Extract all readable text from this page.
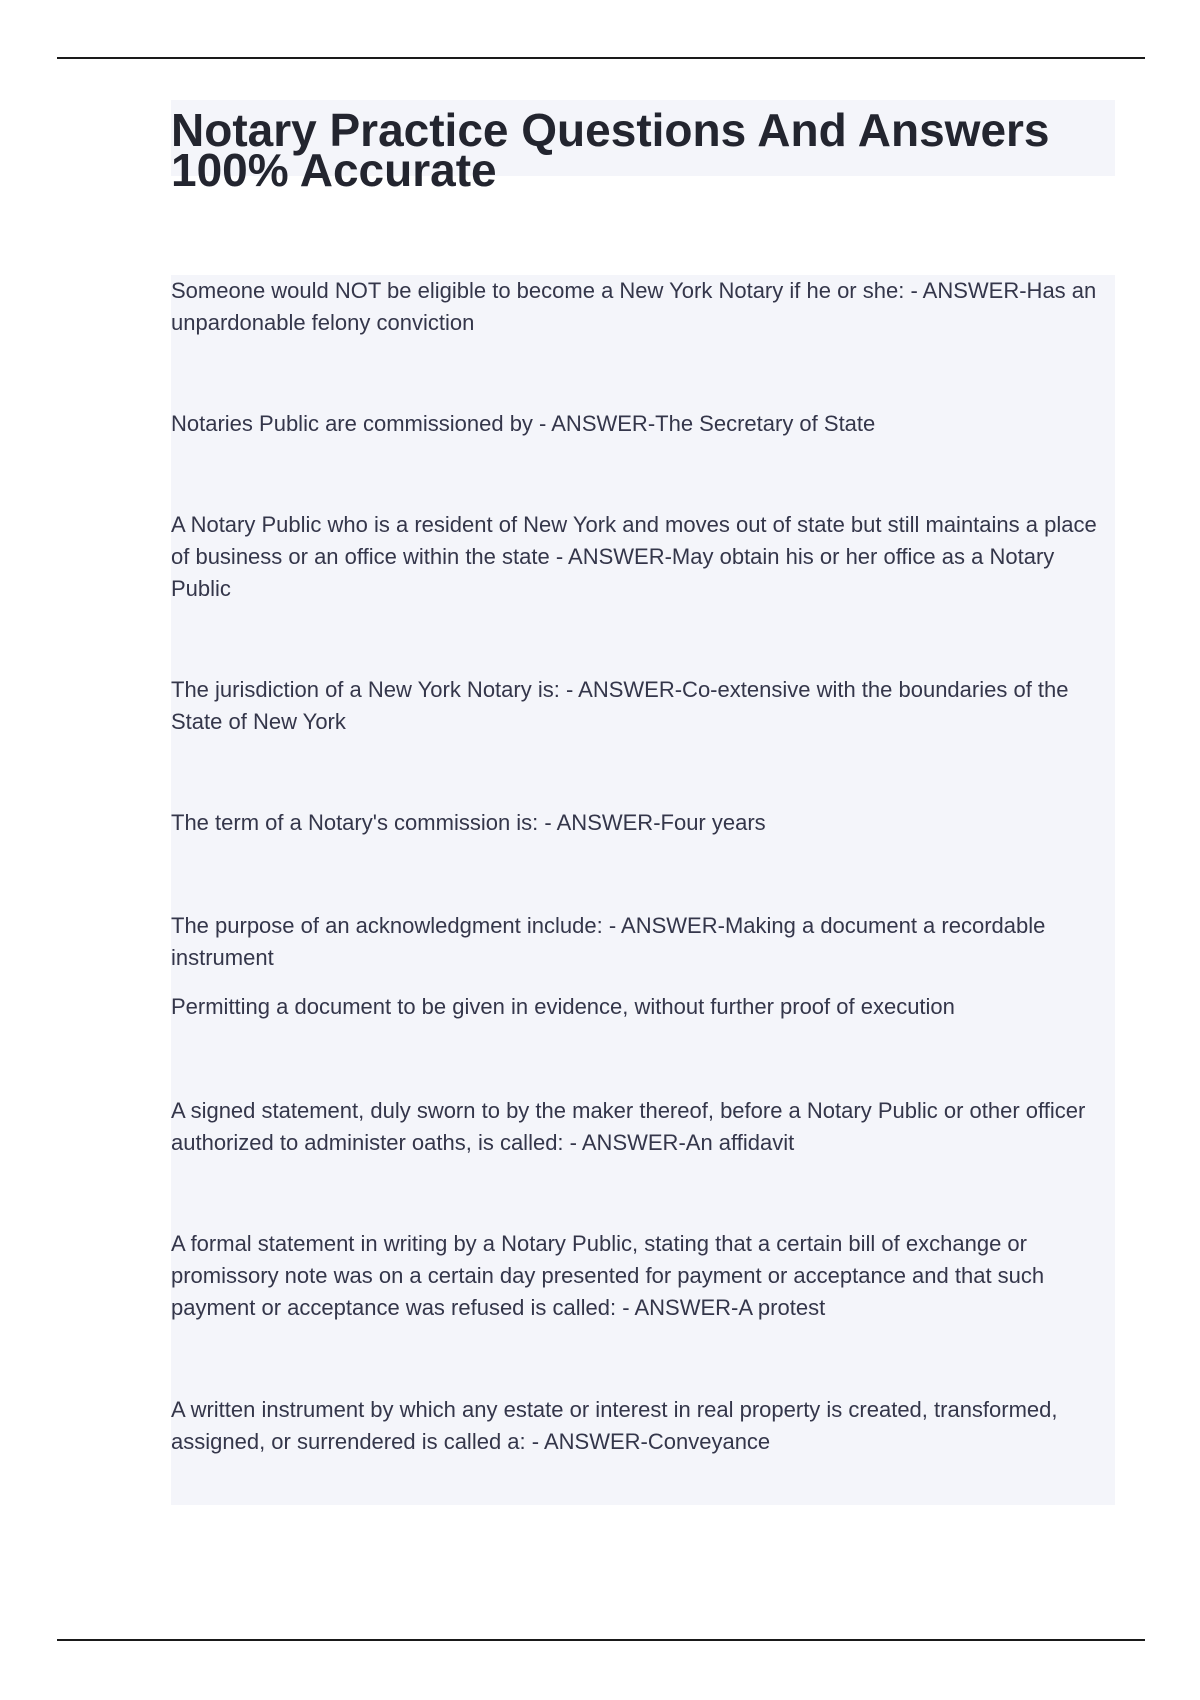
Notary Practice Questions And Answers
100% Accurate

Someone would NOT be eligible to become a New York Notary if he or she: - ANSWER-Has an unpardonable felony conviction

Notaries Public are commissioned by - ANSWER-The Secretary of State

A Notary Public who is a resident of New York and moves out of state but still maintains a place of business or an office within the state - ANSWER-May obtain his or her office as a Notary Public

The jurisdiction of a New York Notary is: - ANSWER-Co-extensive with the boundaries of the State of New York

The term of a Notary's commission is: - ANSWER-Four years

The purpose of an acknowledgment include: - ANSWER-Making a document a recordable instrument

Permitting a document to be given in evidence, without further proof of execution

A signed statement, duly sworn to by the maker thereof, before a Notary Public or other officer authorized to administer oaths, is called: - ANSWER-An affidavit

A formal statement in writing by a Notary Public, stating that a certain bill of exchange or promissory note was on a certain day presented for payment or acceptance and that such payment or acceptance was refused is called: - ANSWER-A protest

A written instrument by which any estate or interest in real property is created, transformed, assigned, or surrendered is called a: - ANSWER-Conveyance
